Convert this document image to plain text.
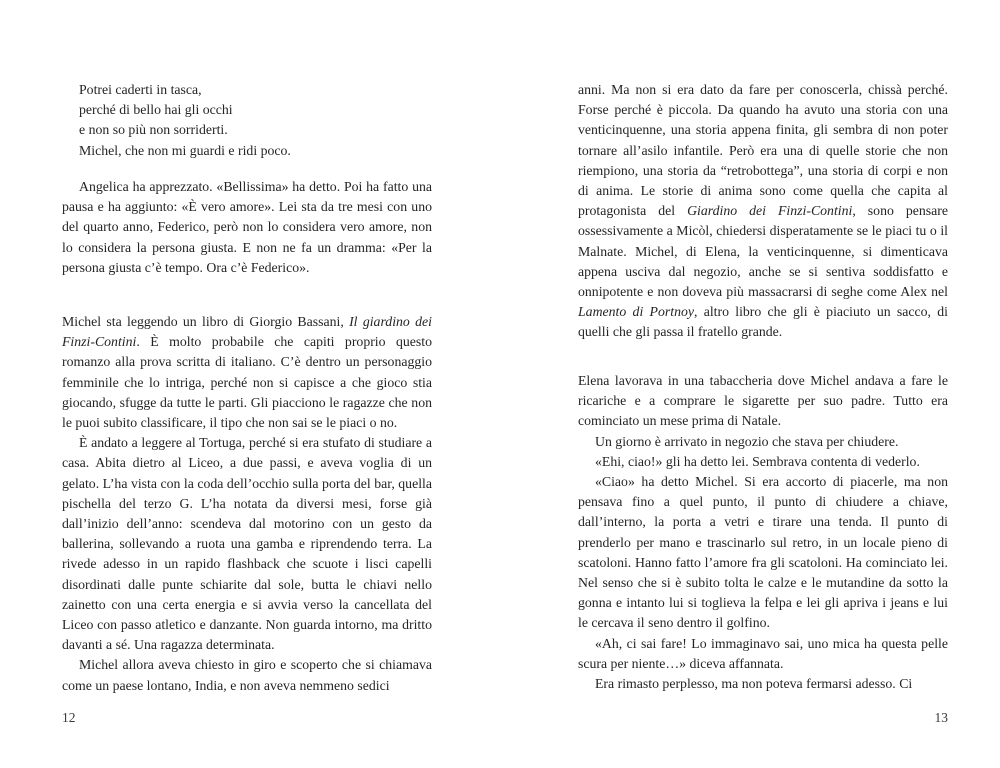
Potrei caderti in tasca,
perché di bello hai gli occhi
e non so più non sorriderti.
Michel, che non mi guardi e ridi poco.

Angelica ha apprezzato. «Bellissima» ha detto. Poi ha fatto una pausa e ha aggiunto: «È vero amore». Lei sta da tre mesi con uno del quarto anno, Federico, però non lo considera vero amore, non lo considera la persona giusta. E non ne fa un dramma: «Per la persona giusta c’è tempo. Ora c’è Federico».

Michel sta leggendo un libro di Giorgio Bassani, Il giardino dei Finzi-Contini. È molto probabile che capiti proprio questo romanzo alla prova scritta di italiano. C’è dentro un personaggio femminile che lo intriga, perché non si capisce a che gioco stia giocando, sfugge da tutte le parti. Gli piacciono le ragazze che non le puoi subito classificare, il tipo che non sai se le piaci o no.

È andato a leggere al Tortuga, perché si era stufato di studiare a casa. Abita dietro al Liceo, a due passi, e aveva voglia di un gelato. L’ha vista con la coda dell’occhio sulla porta del bar, quella pischella del terzo G. L’ha notata da diversi mesi, forse già dall’inizio dell’anno: scendeva dal motorino con un gesto da ballerina, sollevando a ruota una gamba e riprendendo terra. La rivede adesso in un rapido flashback che scuote i lisci capelli disordinati dalle punte schiarite dal sole, butta le chiavi nello zainetto con una certa energia e si avvia verso la cancellata del Liceo con passo atletico e danzante. Non guarda intorno, ma dritto davanti a sé. Una ragazza determinata.

Michel allora aveva chiesto in giro e scoperto che si chiamava come un paese lontano, India, e non aveva nemmeno sedici

12

anni. Ma non si era dato da fare per conoscerla, chissà perché. Forse perché è piccola. Da quando ha avuto una storia con una venticinquenne, una storia appena finita, gli sembra di non poter tornare all’asilo infantile. Però era una di quelle storie che non riempiono, una storia da “retrobottega”, una storia di corpi e non di anima. Le storie di anima sono come quella che capita al protagonista del Giardino dei Finzi-Contini, sono pensare ossessivamente a Micòl, chiedersi disperatamente se le piaci tu o il Malnate. Michel, di Elena, la venticinquenne, si dimenticava appena usciva dal negozio, anche se si sentiva soddisfatto e onnipotente e non doveva più massacrarsi di seghe come Alex nel Lamento di Portnoy, altro libro che gli è piaciuto un sacco, di quelli che gli passa il fratello grande.

Elena lavorava in una tabaccheria dove Michel andava a fare le ricariche e a comprare le sigarette per suo padre. Tutto era cominciato un mese prima di Natale.

Un giorno è arrivato in negozio che stava per chiudere.

«Ehi, ciao!» gli ha detto lei. Sembrava contenta di vederlo.

«Ciao» ha detto Michel. Si era accorto di piacerle, ma non pensava fino a quel punto, il punto di chiudere a chiave, dall’interno, la porta a vetri e tirare una tenda. Il punto di prenderlo per mano e trascinarlo sul retro, in un locale pieno di scatoloni. Hanno fatto l’amore fra gli scatoloni. Ha cominciato lei. Nel senso che si è subito tolta le calze e le mutandine da sotto la gonna e intanto lui si toglieva la felpa e lei gli apriva i jeans e lui le cercava il seno dentro il golfino.

«Ah, ci sai fare! Lo immaginavo sai, uno mica ha questa pelle scura per niente…» diceva affannata.

Era rimasto perplesso, ma non poteva fermarsi adesso. Ci

13
